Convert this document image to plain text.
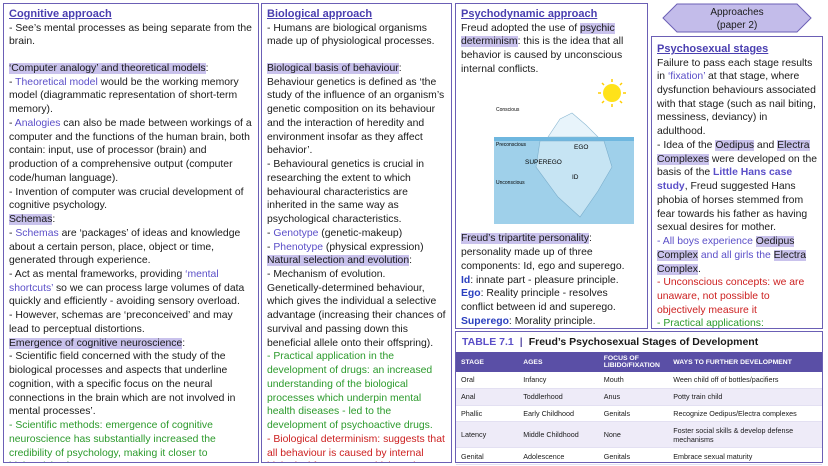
Cognitive approach

- See’s mental processes as being separate from the brain.

‘Computer analogy’ and theoretical models:

- Theoretical model would be the working memory model (diagrammatic representation of short-term memory).

- Analogies can also be made between workings of a computer and the functions of the human brain, both contain: input, use of processor (brain) and production of a comprehensive output (computer code/human language).

- Invention of computer was crucial development of cognitive psychology.

Schemas:

- Schemas are ‘packages’ of ideas and knowledge about a certain person, place, object or time, generated through experience.

- Act as mental frameworks, providing ‘mental shortcuts’ so we can process large volumes of data quickly and efficiently - avoiding sensory overload.

- However, schemas are ‘preconceived’ and may lead to perceptual distortions.

Emergence of cognitive neuroscience:

- Scientific field concerned with the study of the biological processes and aspects that underline cognition, with a specific focus on the neural connections in the brain which are not involved in mental processes’.

- Scientific methods: emergence of cognitive neuroscience has substantially increased the credibility of psychology, making it closer to

Biological approach

- Humans are biological organisms made up of physiological processes.

Biological basis of behaviour:

Behaviour genetics is defined as ‘the study of the influence of an organism’s genetic composition on its behaviour and the interaction of heredity and environment insofar as they affect behavior’.

- Behavioural genetics is crucial in researching the extent to which behavioural characteristics are inherited in the same way as psychological characteristics.

- Genotype (genetic-makeup)

- Phenotype (physical expression)

Natural selection and evolution:

- Mechanism of evolution.

Genetically-determined behaviour, which gives the individual a selective advantage (increasing their chances of survival and passing down this beneficial allele onto their offspring).

- Practical application in the development of drugs: an increased understanding of the biological processes which underpin mental health diseases - led to the development of psychoactive drugs.

- Biological determinism: suggests that all behaviour is caused by internal

Psychodynamic approach

Freud adopted the use of psychic determinism: this is the idea that all behavior is caused by unconscious internal conflicts.

Conscious
Preconscious
Unconscious
EGO
SUPEREGO
ID

Freud’s tripartite personality: personality made up of three components: Id, ego and superego.

Id: innate part - pleasure principle.

Ego: Reality principle - resolves conflict between id and superego.

Superego: Morality principle.

Approaches
(paper 2)
Psychosexual stages

Failure to pass each stage results in ‘fixation’ at that stage, where dysfunction behaviours associated with that stage (such as nail biting, messiness, deviancy) in adulthood.

- Idea of the Oedipus and Electra Complexes were developed on the basis of the Little Hans case study, Freud suggested Hans phobia of horses stemmed from fear towards his father as having sexual desires for mother.

- All boys experience Oedipus Complex and all girls the Electra Complex.

- Unconscious concepts: we are unaware, not possible to objectively measure it

- Practical applications:

TABLE 7.1 | Freud’s Psychosexual Stages of Development
STAGE	AGES	FOCUS OF LIBIDO/FIXATION	WAYS TO FURTHER DEVELOPMENT
Oral	Infancy	Mouth	Ween child off of bottles/pacifiers
Anal	Toddlerhood	Anus	Potty train child
Phallic	Early Childhood	Genitals	Recognize Oedipus/Electra complexes
Latency	Middle Childhood	None	Foster social skills & develop defense mechanisms
Genital	Adolescence	Genitals	Embrace sexual maturity
